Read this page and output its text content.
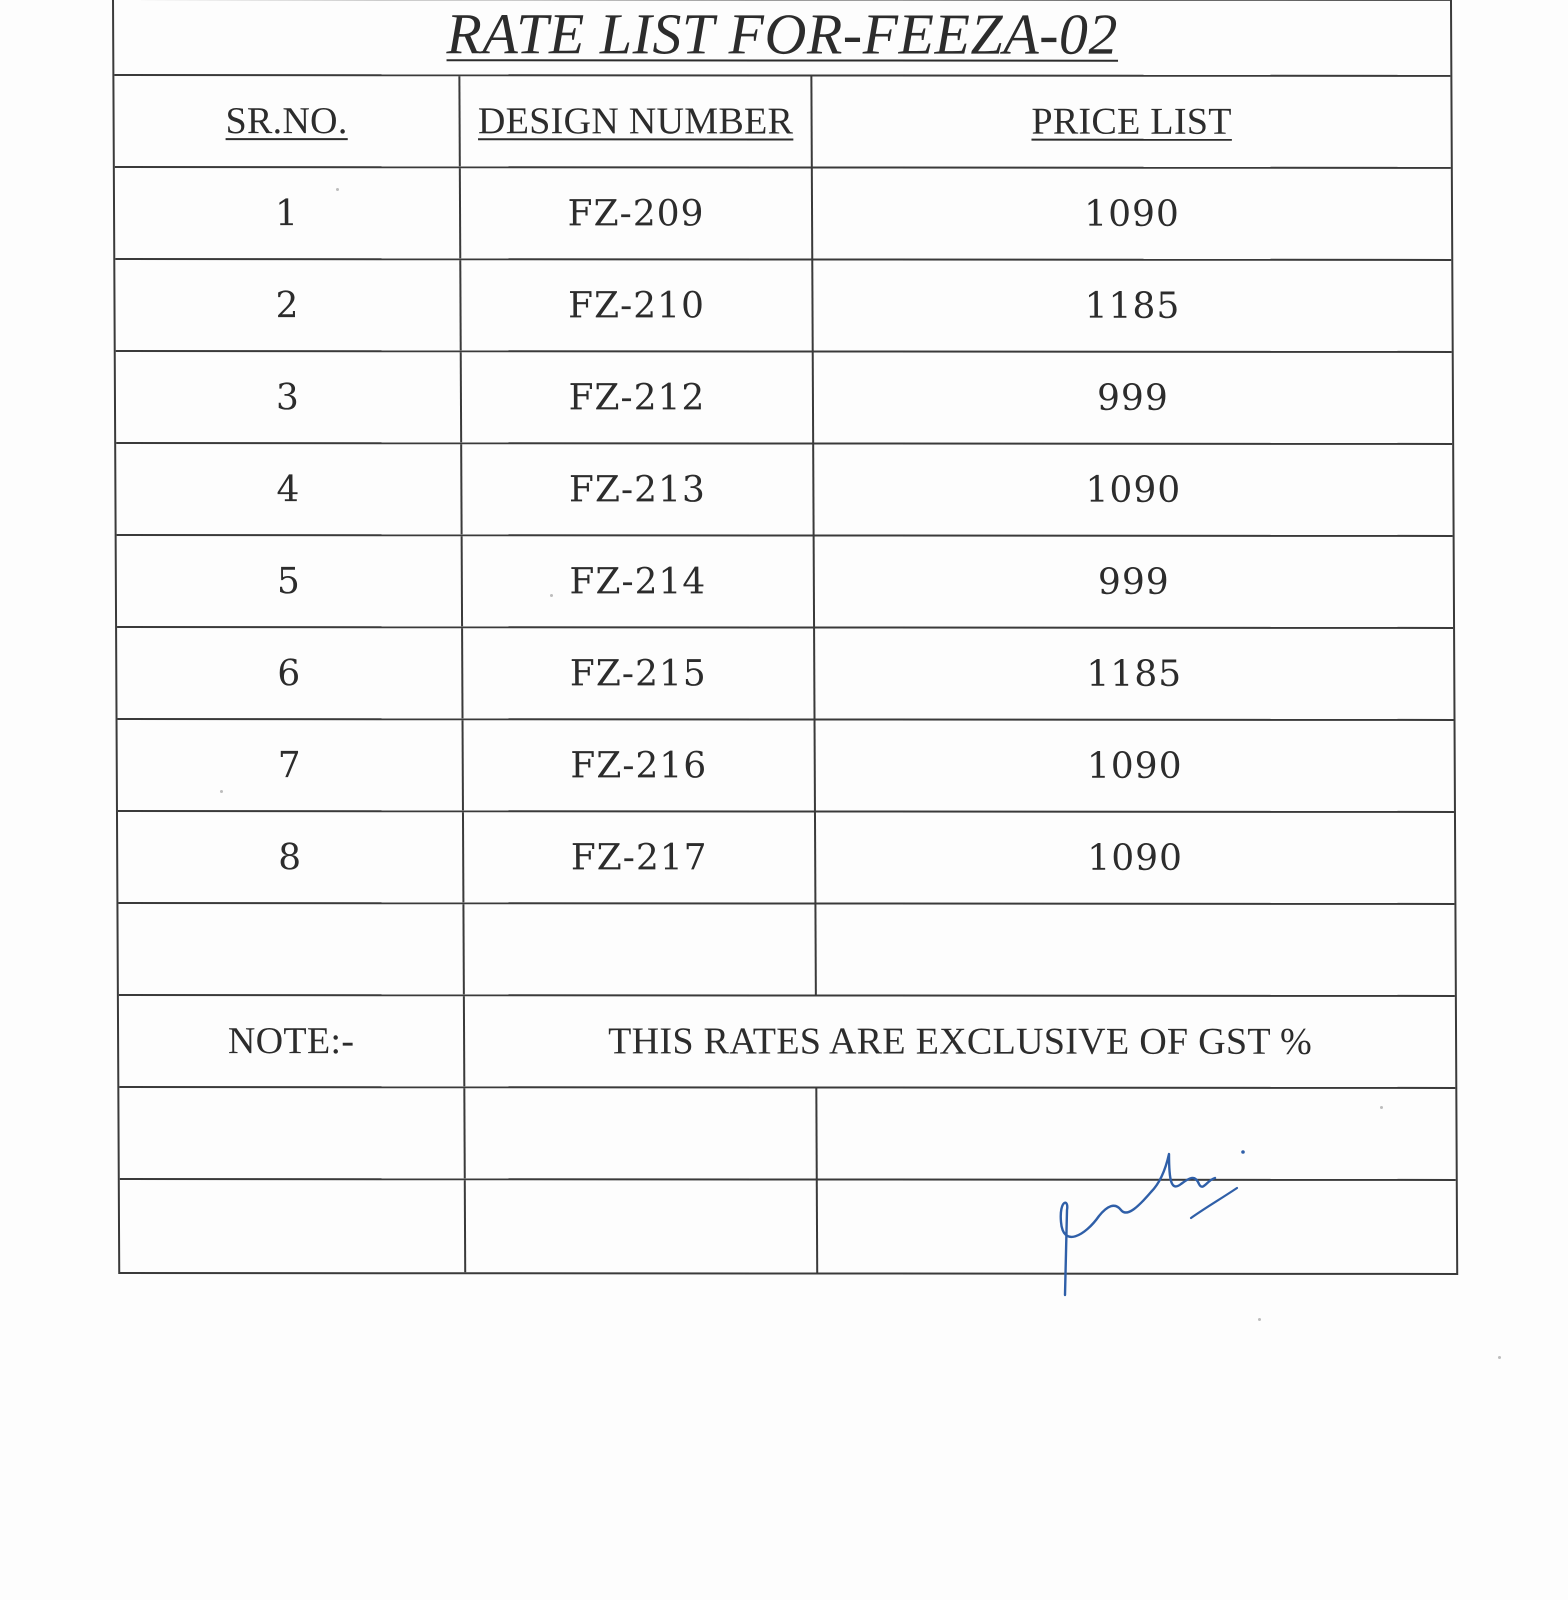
RATE LIST FOR-FEEZA-02
SR.NO.	DESIGN NUMBER	PRICE LIST
1	FZ-209	1090
2	FZ-210	1185
3	FZ-212	999
4	FZ-213	1090
5	FZ-214	999
6	FZ-215	1185
7	FZ-216	1090
8	FZ-217	1090
NOTE:-	THIS RATES ARE EXCLUSIVE OF GST %
